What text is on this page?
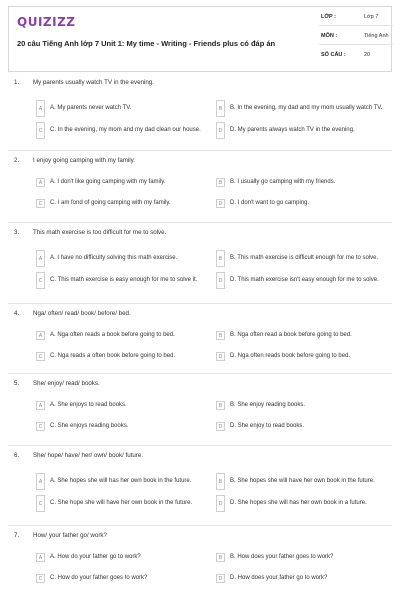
QUIZIZZ
20 câu Tiếng Anh lớp 7 Unit 1: My time - Writing - Friends plus có đáp án
LỚP :	Lớp 7
MÔN :	Tiếng Anh
SỐ CÂU :	20
1. My parents usually watch TV in the evening.
A	A. My parents never watch TV.	B	B. In the evening, my dad and my mom usually watch TV.
C	C. In the evening, my mom and my dad clean our house.	D	D. My parents always watch TV in the evening.
2. I enjoy going camping with my family.
A	A. I don't like going camping with my family.	B	B. I usually go camping with my friends.
C	C. I am fond of going camping with my family.	D	D. I don't want to go camping.
3. This math exercise is too difficult for me to solve.
A	A. I have no difficulty solving this math exercise.	B	B. This math exercise is difficult enough for me to solve.
C	C. This math exercise is easy enough for me to solve it.	D	D. This math exercise isn't easy enough for me to solve.
4. Nga/ often/ read/ book/ before/ bed.
A	A. Nga often reads a book before going to bed.	B	B. Nga often read a book before going to bed.
C	C. Nga reads a often book before going to bed.	D	D. Nga often reads book before going to bed.
5. She/ enjoy/ read/ books.
A	A. She enjoys to read books.	B	B. She enjoy reading books.
C	C. She enjoys reading books.	D	D. She enjoy to read books.
6. She/ hope/ have/ her/ own/ book/ future.
A	A. She hopes she will has her own book in the future.	B	B. She hopes she will have her own book in the future.
C	C. She hope she will have her own book in the future.	D	D. She hopes she will has her own book in a future.
7. How/ your father go/ work?
A	A. How do your father go to work?	B	B. How does your father goes to work?
C	C. How do your father goes to work?	D	D. How does your father go to work?
